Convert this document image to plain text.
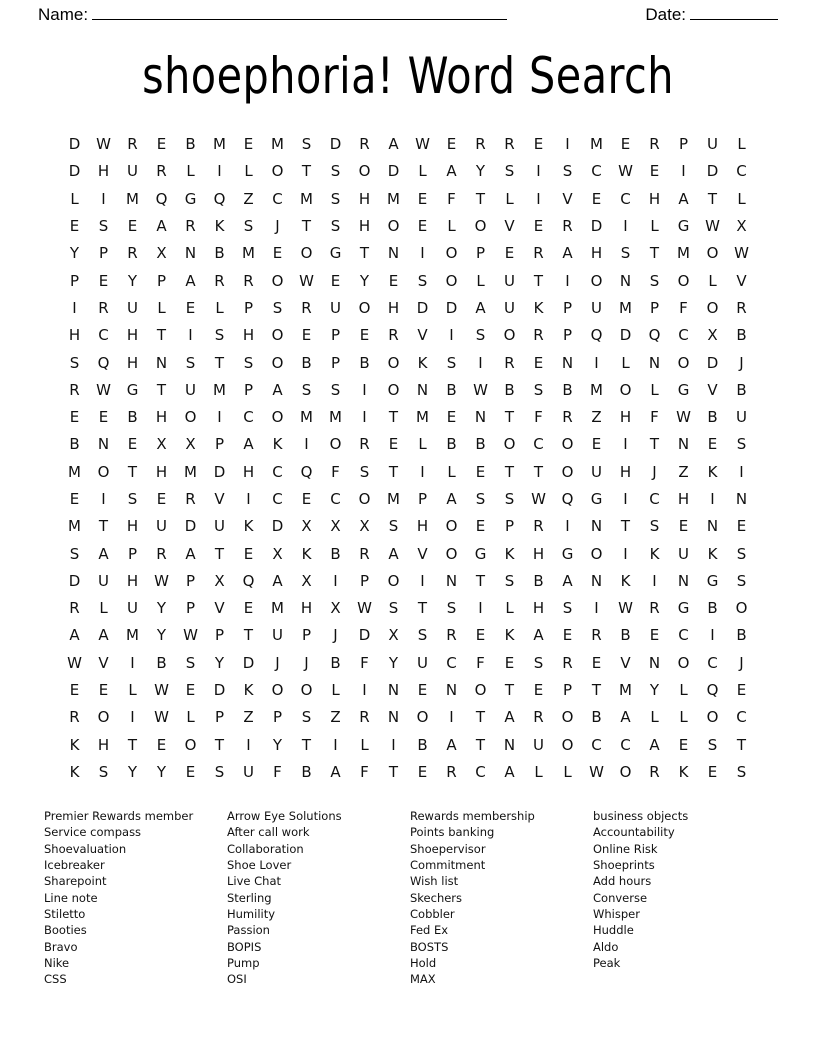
Name:	Date:
shoephoria! Word Search
D	W	R	E	B	M	E	M	S	D	R	A	W	E	R	R	E	I	M	E	R	P	U	L
D	H	U	R	L	I	L	O	T	S	O	D	L	A	Y	S	I	S	C	W	E	I	D	C
L	I	M	Q	G	Q	Z	C	M	S	H	M	E	F	T	L	I	V	E	C	H	A	T	L
E	S	E	A	R	K	S	J	T	S	H	O	E	L	O	V	E	R	D	I	L	G	W	X
Y	P	R	X	N	B	M	E	O	G	T	N	I	O	P	E	R	A	H	S	T	M	O	W
P	E	Y	P	A	R	R	O	W	E	Y	E	S	O	L	U	T	I	O	N	S	O	L	V
I	R	U	L	E	L	P	S	R	U	O	H	D	D	A	U	K	P	U	M	P	F	O	R
H	C	H	T	I	S	H	O	E	P	E	R	V	I	S	O	R	P	Q	D	Q	C	X	B
S	Q	H	N	S	T	S	O	B	P	B	O	K	S	I	R	E	N	I	L	N	O	D	J
R	W	G	T	U	M	P	A	S	S	I	O	N	B	W	B	S	B	M	O	L	G	V	B
E	E	B	H	O	I	C	O	M	M	I	T	M	E	N	T	F	R	Z	H	F	W	B	U
B	N	E	X	X	P	A	K	I	O	R	E	L	B	B	O	C	O	E	I	T	N	E	S
M	O	T	H	M	D	H	C	Q	F	S	T	I	L	E	T	T	O	U	H	J	Z	K	I
E	I	S	E	R	V	I	C	E	C	O	M	P	A	S	S	W	Q	G	I	C	H	I	N
M	T	H	U	D	U	K	D	X	X	X	S	H	O	E	P	R	I	N	T	S	E	N	E
S	A	P	R	A	T	E	X	K	B	R	A	V	O	G	K	H	G	O	I	K	U	K	S
D	U	H	W	P	X	Q	A	X	I	P	O	I	N	T	S	B	A	N	K	I	N	G	S
R	L	U	Y	P	V	E	M	H	X	W	S	T	S	I	L	H	S	I	W	R	G	B	O
A	A	M	Y	W	P	T	U	P	J	D	X	S	R	E	K	A	E	R	B	E	C	I	B
W	V	I	B	S	Y	D	J	J	B	F	Y	U	C	F	E	S	R	E	V	N	O	C	J
E	E	L	W	E	D	K	O	O	L	I	N	E	N	O	T	E	P	T	M	Y	L	Q	E
R	O	I	W	L	P	Z	P	S	Z	R	N	O	I	T	A	R	O	B	A	L	L	O	C
K	H	T	E	O	T	I	Y	T	I	L	I	B	A	T	N	U	O	C	C	A	E	S	T
K	S	Y	Y	E	S	U	F	B	A	F	T	E	R	C	A	L	L	W	O	R	K	E	S
Premier Rewards member
Service compass
Shoevaluation
Icebreaker
Sharepoint
Line note
Stiletto
Booties
Bravo
Nike
CSS
Arrow Eye Solutions
After call work
Collaboration
Shoe Lover
Live Chat
Sterling
Humility
Passion
BOPIS
Pump
OSI
Rewards membership
Points banking
Shoepervisor
Commitment
Wish list
Skechers
Cobbler
Fed Ex
BOSTS
Hold
MAX
business objects
Accountability
Online Risk
Shoeprints
Add hours
Converse
Whisper
Huddle
Aldo
Peak
